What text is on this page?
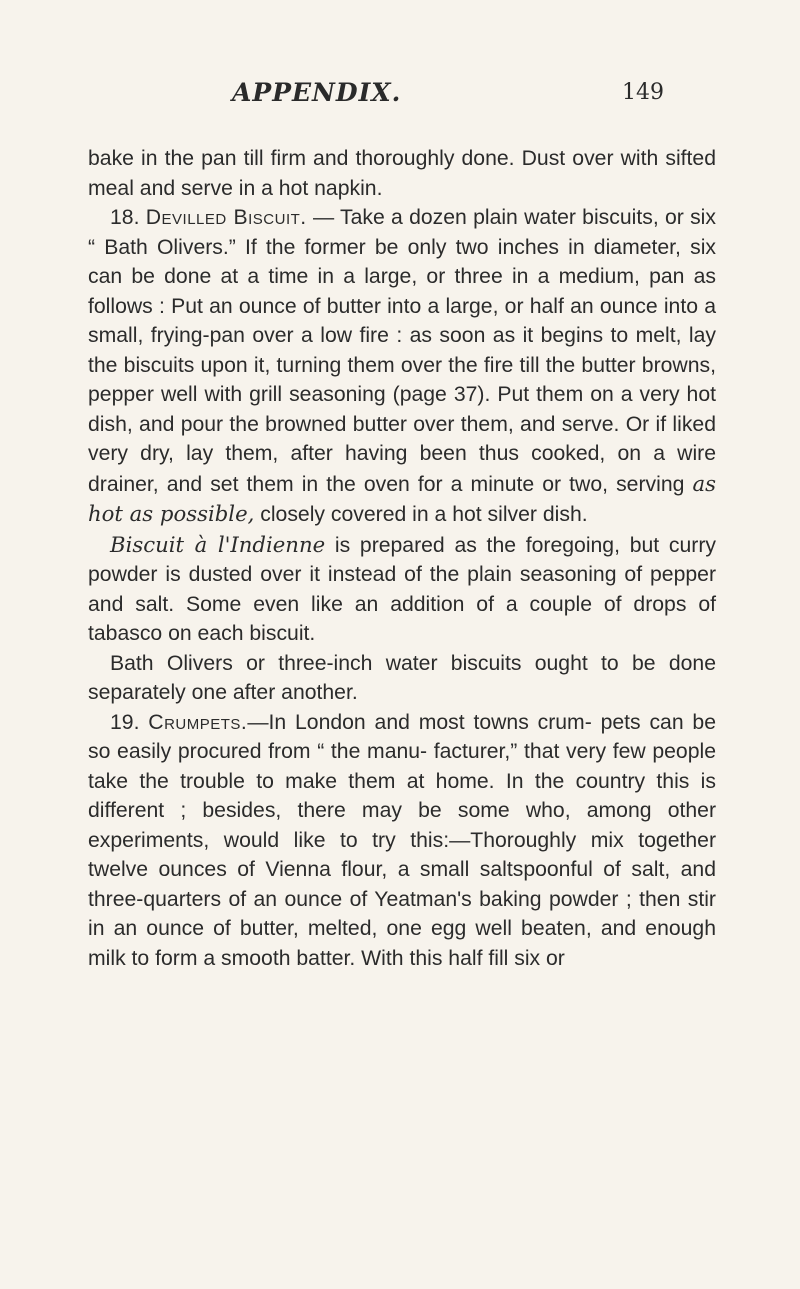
APPENDIX.	149

bake in the pan till firm and thoroughly done. Dust over with sifted meal and serve in a hot napkin.

18. Devilled Biscuit. — Take a dozen plain water biscuits, or six “ Bath Olivers.” If the former be only two inches in diameter, six can be done at a time in a large, or three in a medium, pan as follows : Put an ounce of butter into a large, or half an ounce into a small, frying-pan over a low fire : as soon as it begins to melt, lay the biscuits upon it, turning them over the fire till the butter browns, pepper well with grill seasoning (page 37). Put them on a very hot dish, and pour the browned butter over them, and serve. Or if liked very dry, lay them, after having been thus cooked, on a wire drainer, and set them in the oven for a minute or two, serving as hot as possible, closely covered in a hot silver dish.

Biscuit à l'Indienne is prepared as the foregoing, but curry powder is dusted over it instead of the plain seasoning of pepper and salt. Some even like an addition of a couple of drops of tabasco on each biscuit.

Bath Olivers or three-inch water biscuits ought to be done separately one after another.

19. Crumpets.—In London and most towns crum- pets can be so easily procured from “ the manu- facturer,” that very few people take the trouble to make them at home. In the country this is different ; besides, there may be some who, among other experiments, would like to try this:—Thoroughly mix together twelve ounces of Vienna flour, a small saltspoonful of salt, and three-quarters of an ounce of Yeatman's baking powder ; then stir in an ounce of butter, melted, one egg well beaten, and enough milk to form a smooth batter. With this half fill six or
